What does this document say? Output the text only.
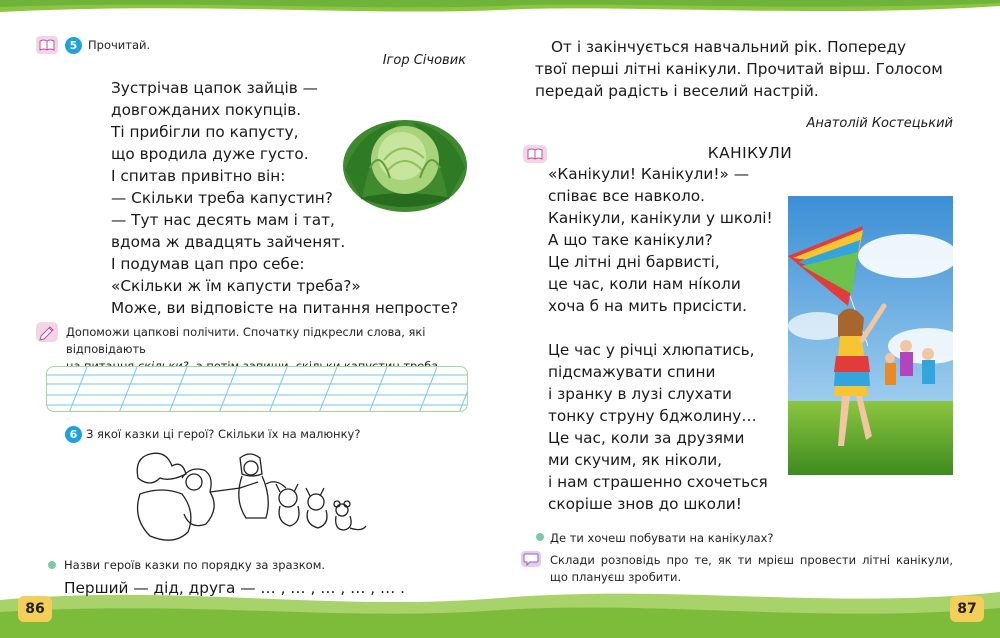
5 Прочитай.
Ігор Січовик
Зустрічав цапок зайців —
довгожданих покупців.
Ті прибігли по капусту,
що вродила дуже густо.
І спитав привітно він:
— Скільки треба капустин?
— Тут нас десять мам і тат,
вдома ж двадцять зайченят.
І подумав цап про себе:
«Скільки ж їм капусти треба?»
Може, ви відповісте на питання непросте?
Допоможи цапкові полічити. Спочатку підкресли слова, які відповідають
6 З якої казки ці герої? Скільки їх на малюнку?
Назви героїв казки по порядку за зразком.
Перший — дід, друга — … , … , … , … , … .
86
От і закінчується навчальний рік. Попереду
твої перші літні канікули. Прочитай вірш. Голосом
передай радість і веселий настрій.
Анатолій Костецький
КАНІКУЛИ
«Канікули! Канікули!» —
співає все навколо.
Канікули, канікули у школі!
А що таке канікули?
Це літні дні барвисті,
це час, коли нам ні́коли
хоча б на мить присісти.
Це час у річці хлюпатись,
підсмажувати спини
і зранку в лузі слухати
тонку струну бджолину…
Це час, коли за друзями
ми скучим, як ніколи,
і нам страшенно схочеться
скоріше знов до школи!
Де ти хочеш побувати на канікулах?
Склади розповідь про те, як ти мрієш провести літні канікули, що плануєш зробити.
87
